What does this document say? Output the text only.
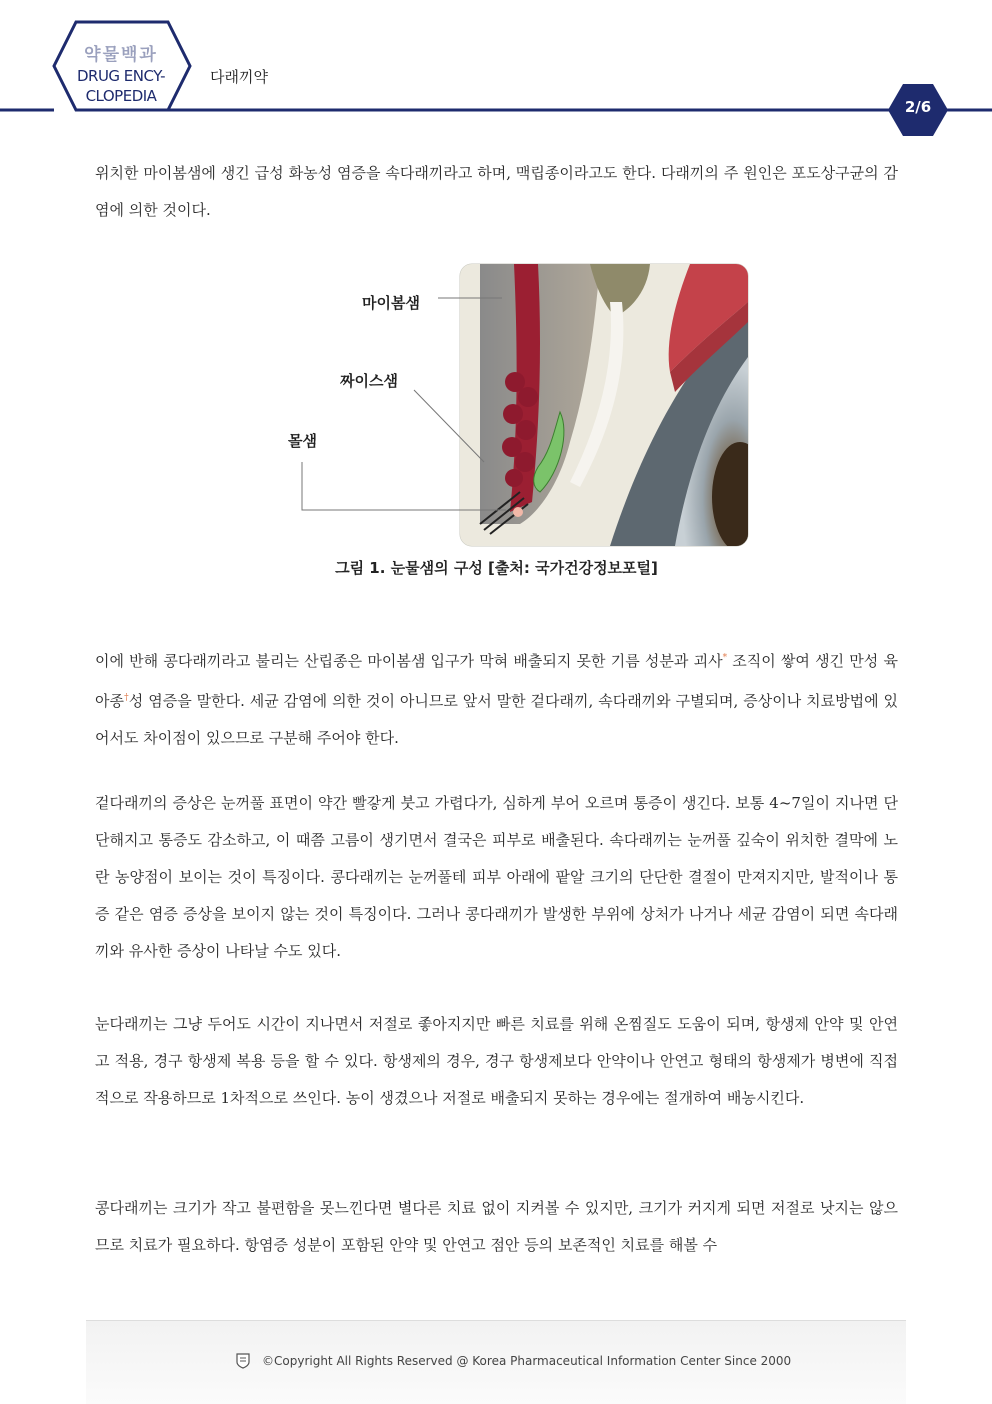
약물백과
DRUG ENCY-
CLOPEDIA
다래끼약
2/6

위치한 마이봄샘에 생긴 급성 화농성 염증을 속다래끼라고 하며, 맥립종이라고도 한다. 다래끼의 주 원인은 포도상구균의 감염에 의한 것이다.

마이봄샘
짜이스샘
몰샘
그림 1. 눈물샘의 구성 [출처: 국가건강정보포털]

이에 반해 콩다래끼라고 불리는 산립종은 마이봄샘 입구가 막혀 배출되지 못한 기름 성분과 괴사* 조직이 쌓여 생긴 만성 육아종†성 염증을 말한다. 세균 감염에 의한 것이 아니므로 앞서 말한 겉다래끼, 속다래끼와 구별되며, 증상이나 치료방법에 있어서도 차이점이 있으므로 구분해 주어야 한다.

겉다래끼의 증상은 눈꺼풀 표면이 약간 빨갛게 붓고 가렵다가, 심하게 부어 오르며 통증이 생긴다. 보통 4~7일이 지나면 단단해지고 통증도 감소하고, 이 때쯤 고름이 생기면서 결국은 피부로 배출된다. 속다래끼는 눈꺼풀 깊숙이 위치한 결막에 노란 농양점이 보이는 것이 특징이다. 콩다래끼는 눈꺼풀테 피부 아래에 팥알 크기의 단단한 결절이 만져지지만, 발적이나 통증 같은 염증 증상을 보이지 않는 것이 특징이다. 그러나 콩다래끼가 발생한 부위에 상처가 나거나 세균 감염이 되면 속다래끼와 유사한 증상이 나타날 수도 있다.

눈다래끼는 그냥 두어도 시간이 지나면서 저절로 좋아지지만 빠른 치료를 위해 온찜질도 도움이 되며, 항생제 안약 및 안연고 적용, 경구 항생제 복용 등을 할 수 있다. 항생제의 경우, 경구 항생제보다 안약이나 안연고 형태의 항생제가 병변에 직접적으로 작용하므로 1차적으로 쓰인다. 농이 생겼으나 저절로 배출되지 못하는 경우에는 절개하여 배농시킨다.

콩다래끼는 크기가 작고 불편함을 못느낀다면 별다른 치료 없이 지켜볼 수 있지만, 크기가 커지게 되면 저절로 낫지는 않으므로 치료가 필요하다. 항염증 성분이 포함된 안약 및 안연고 점안 등의 보존적인 치료를 해볼 수

©Copyright All Rights Reserved @ Korea Pharmaceutical Information Center Since 2000
